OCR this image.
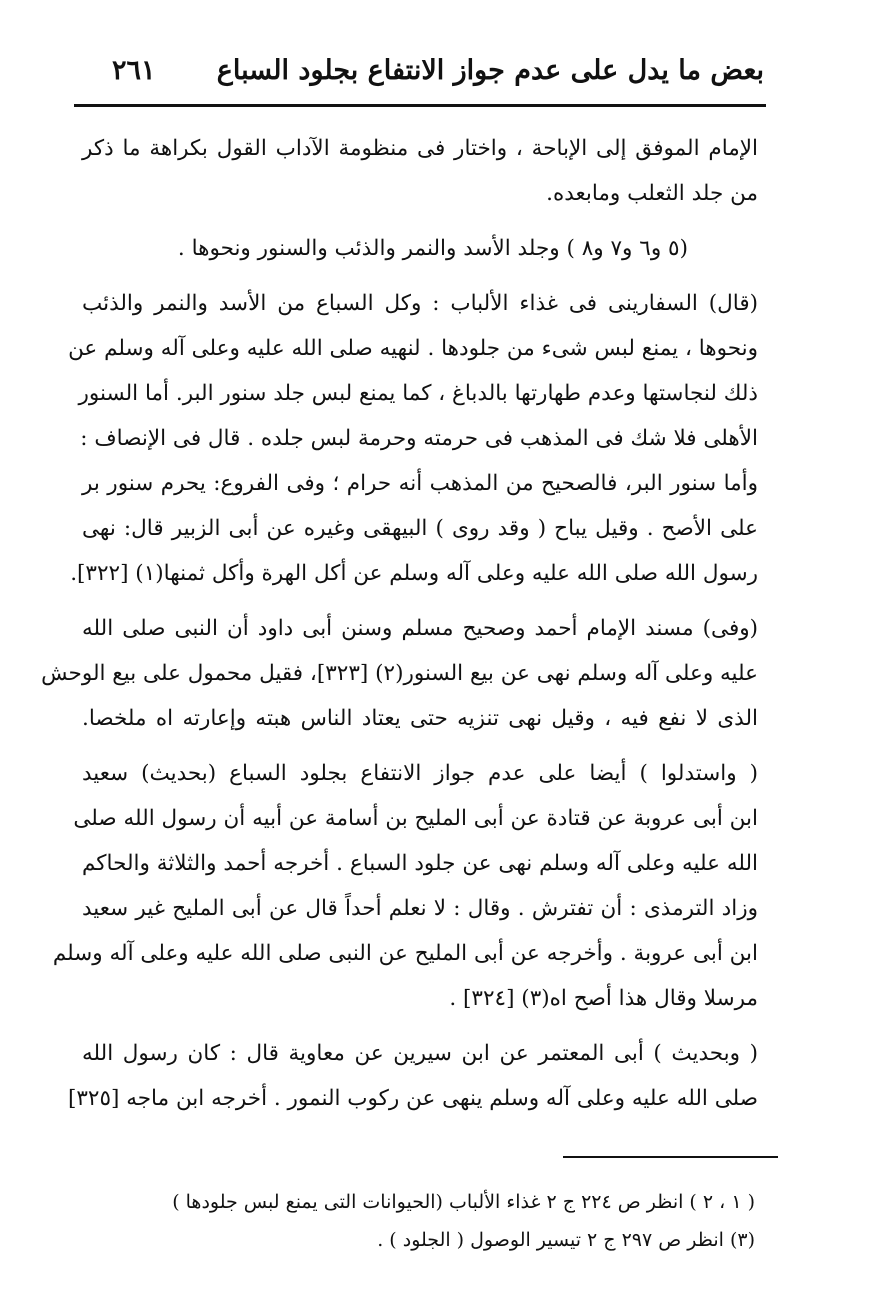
بعض ما يدل على عدم جواز الانتفاع بجلود السباع
٢٦١
الإمام الموفق إلى الإباحة ، واختار فى منظومة الآداب القول بكراهة ما ذكر
من جلد الثعلب ومابعده.
(٥ و٦ و٧ و٨ ) وجلد الأسد والنمر والذئب والسنور ونحوها .
(قال) السفارينى فى غذاء الألباب : وكل السباع من الأسد والنمر والذئب
ونحوها ، يمنع لبس شىء من جلودها . لنهيه صلى الله عليه وعلى آله وسلم عن
ذلك لنجاستها وعدم طهارتها بالدباغ ، كما يمنع لبس جلد سنور البر. أما السنور
الأهلى فلا شك فى المذهب فى حرمته وحرمة لبس جلده . قال فى الإنصاف :
وأما سنور البر، فالصحيح من المذهب أنه حرام ؛ وفى الفروع: يحرم سنور بر
على الأصح . وقيل يباح ( وقد روى ) البيهقى وغيره عن أبى الزبير قال: نهى
رسول الله صلى الله عليه وعلى آله وسلم عن أكل الهرة وأكل ثمنها(١) [٣٢٢].
(وفى) مسند الإمام أحمد وصحيح مسلم وسنن أبى داود أن النبى صلى الله
عليه وعلى آله وسلم نهى عن بيع السنور(٢) [٣٢٣]، فقيل محمول على بيع الوحش
الذى لا نفع فيه ، وقيل نهى تنزيه حتى يعتاد الناس هبته وإعارته اه ملخصا.
( واستدلوا ) أيضا على عدم جواز الانتفاع بجلود السباع (بحديث) سعيد
ابن أبى عروبة عن قتادة عن أبى المليح بن أسامة عن أبيه أن رسول الله صلى
الله عليه وعلى آله وسلم نهى عن جلود السباع . أخرجه أحمد والثلاثة والحاكم
وزاد الترمذى : أن تفترش . وقال : لا نعلم أحداً قال عن أبى المليح غير سعيد
ابن أبى عروبة . وأخرجه عن أبى المليح عن النبى صلى الله عليه وعلى آله وسلم
مرسلا وقال هذا أصح اه(٣) [٣٢٤] .
( وبحديث ) أبى المعتمر عن ابن سيرين عن معاوية قال : كان رسول الله
صلى الله عليه وعلى آله وسلم ينهى عن ركوب النمور . أخرجه ابن ماجه [٣٢٥]
( ١ ، ٢ ) انظر ص ٢٢٤ ج ٢ غذاء الألباب (الحيوانات التى يمنع لبس جلودها )
(٣) انظر ص ٢٩٧ ج ٢ تيسير الوصول ( الجلود ) .
